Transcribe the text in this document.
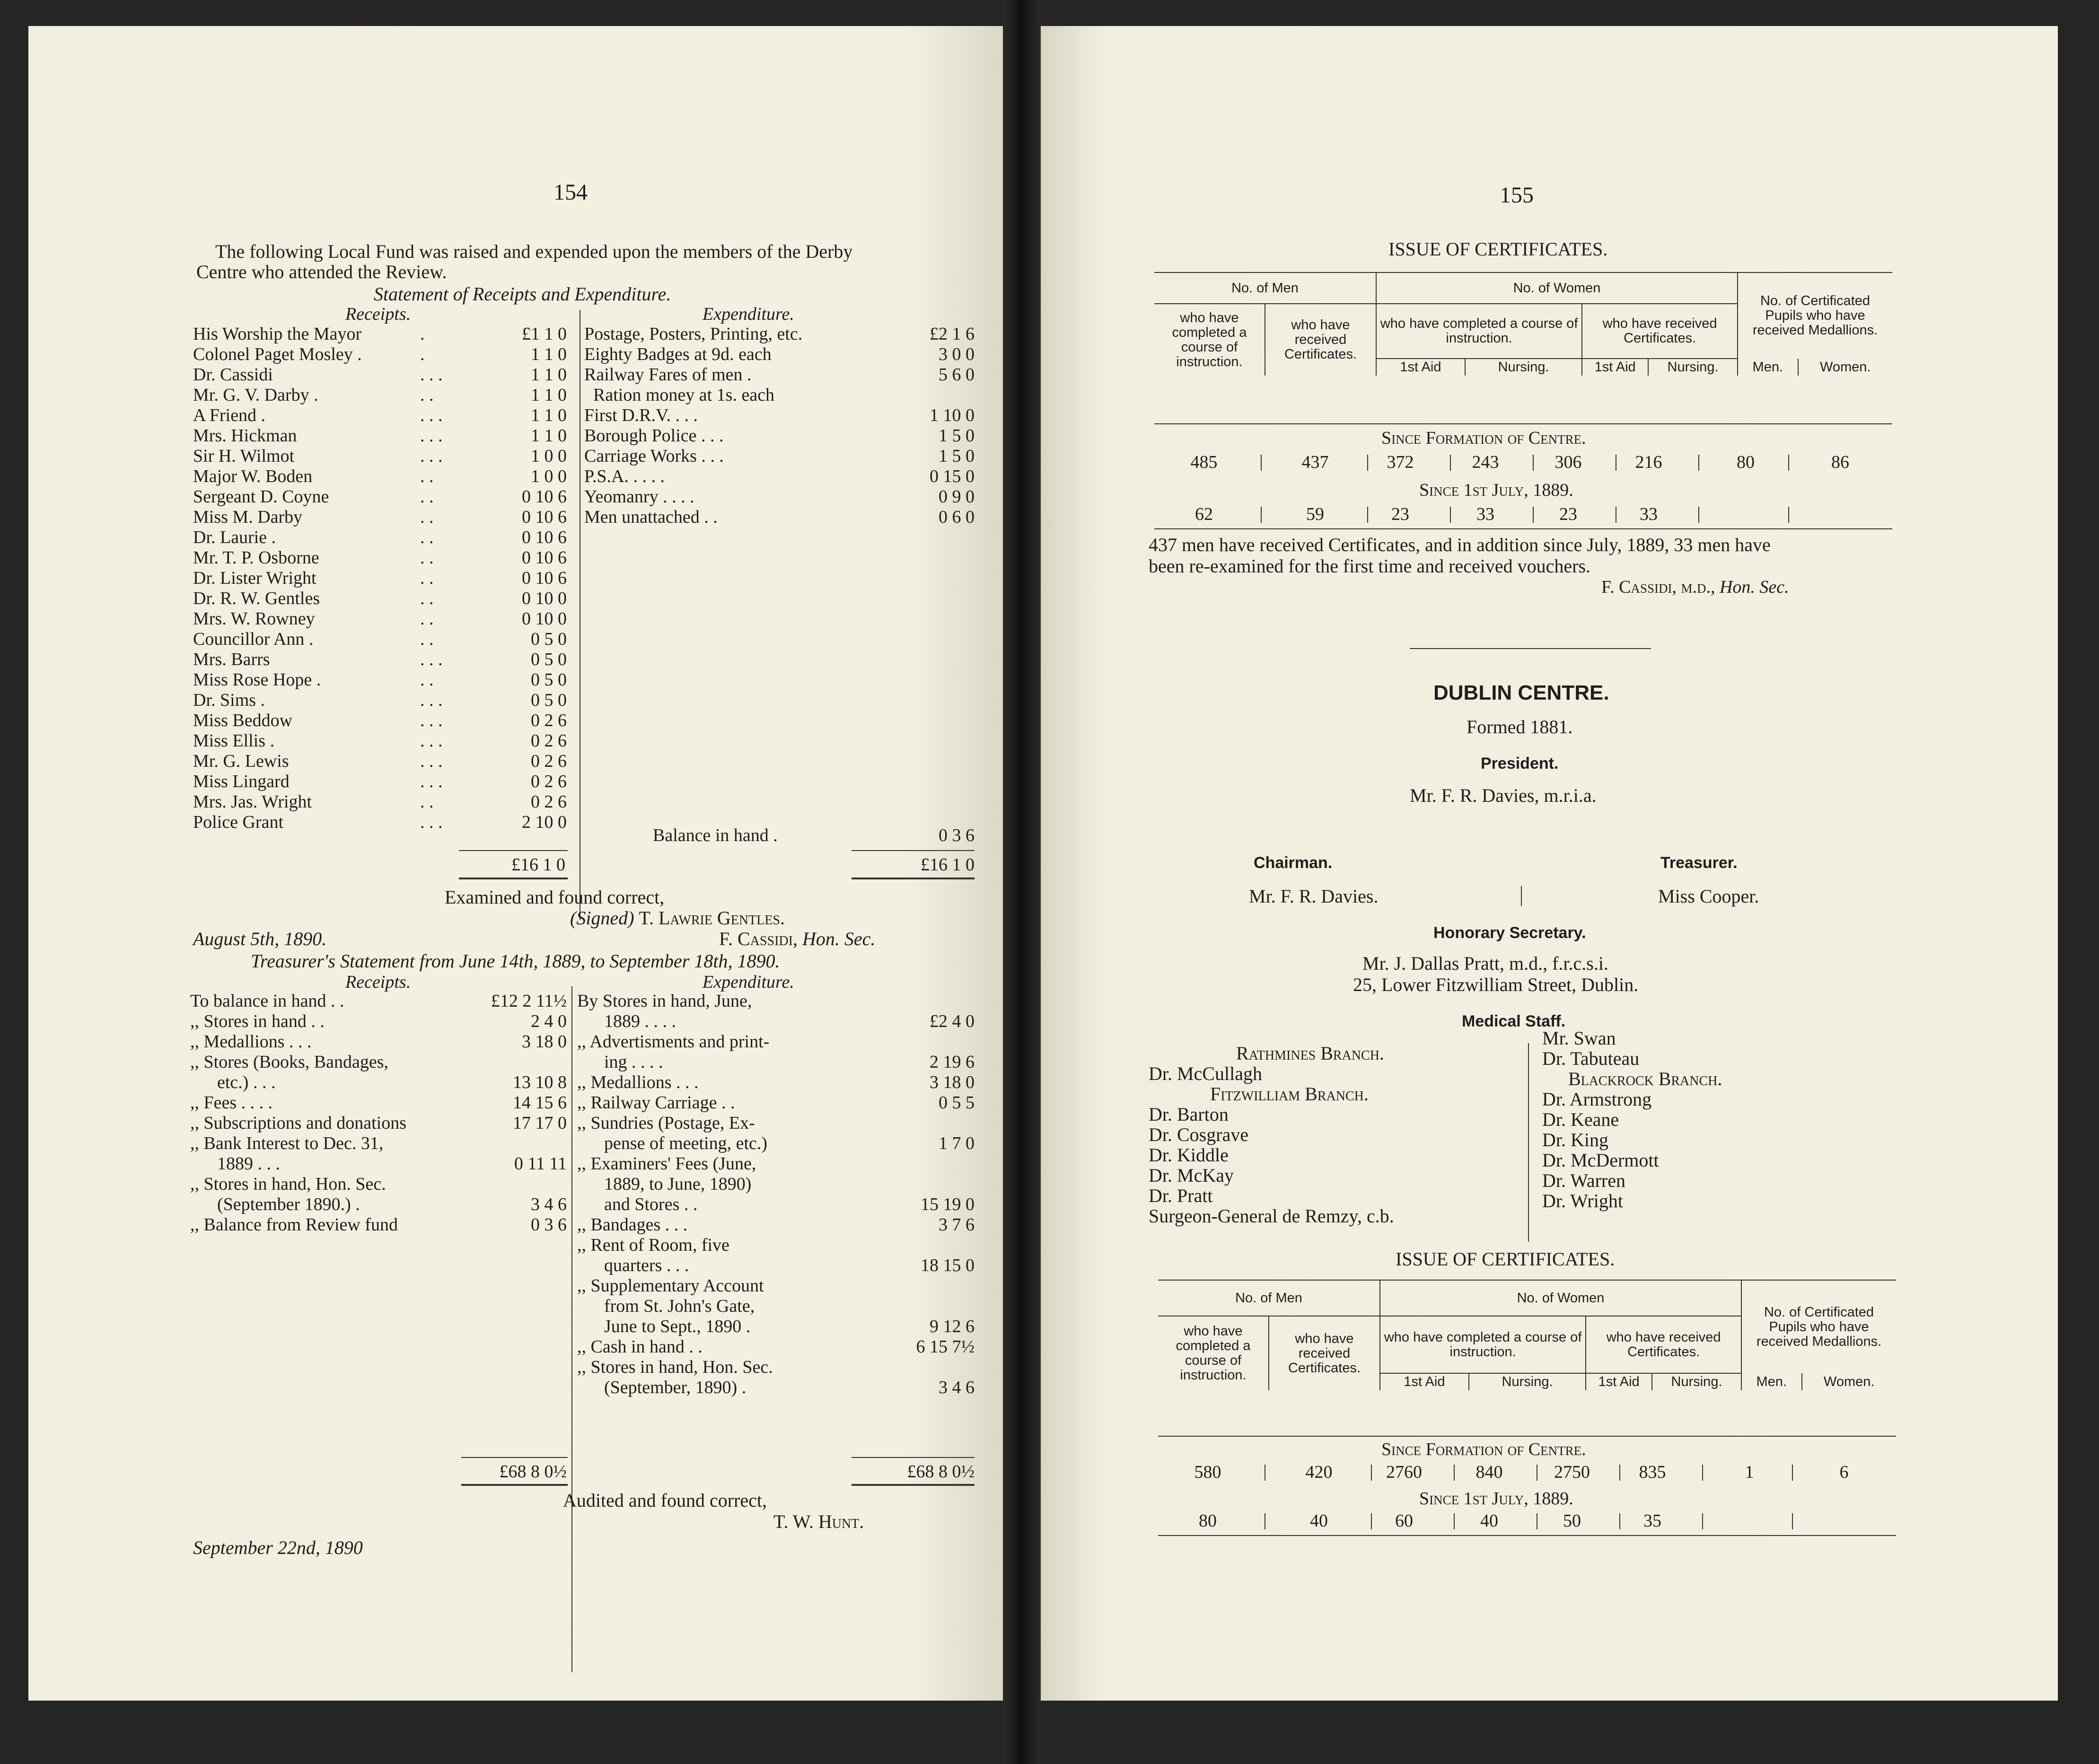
154
The following Local Fund was raised and expended upon the members of the Derby
Centre who attended the Review.
Statement of Receipts and Expenditure.
Receipts.	Expenditure.
His Worship the Mayor	.	£1 1 0
Colonel Paget Mosley .	.	1 1 0
Dr. Cassidi	. . .	1 1 0
Mr. G. V. Darby .	. .	1 1 0
A Friend .	. . .	1 1 0
Mrs. Hickman	. . .	1 1 0
Sir H. Wilmot	. . .	1 0 0
Major W. Boden	. .	1 0 0
Sergeant D. Coyne	. .	0 10 6
Miss M. Darby	. .	0 10 6
Dr. Laurie .	. .	0 10 6
Mr. T. P. Osborne	. .	0 10 6
Dr. Lister Wright	. .	0 10 6
Dr. R. W. Gentles	. .	0 10 0
Mrs. W. Rowney	. .	0 10 0
Councillor Ann .	. .	0 5 0
Mrs. Barrs	. . .	0 5 0
Miss Rose Hope .	. .	0 5 0
Dr. Sims .	. . .	0 5 0
Miss Beddow	. . .	0 2 6
Miss Ellis .	. . .	0 2 6
Mr. G. Lewis	. . .	0 2 6
Miss Lingard	. . .	0 2 6
Mrs. Jas. Wright	. .	0 2 6
Police Grant	. . .	2 10 0
Postage, Posters, Printing, etc.	£2 1 6
Eighty Badges at 9d. each	3 0 0
Railway Fares of men .	5 6 0
Ration money at 1s. each
First D.R.V. . . .	1 10 0
Borough Police . . .	1 5 0
Carriage Works . . .	1 5 0
P.S.A. . . . .	0 15 0
Yeomanry . . . .	0 9 0
Men unattached . .	0 6 0
Balance in hand .	0 3 6
£16 1 0	£16 1 0
Examined and found correct,
(Signed) T. Lawrie Gentles.
August 5th, 1890.	F. Cassidi, Hon. Sec.
Treasurer's Statement from June 14th, 1889, to September 18th, 1890.
Receipts.	Expenditure.
To balance in hand . .	£12 2 11½
,, Stores in hand . .	2 4 0
,, Medallions . . .	3 18 0
,, Stores (Books, Bandages,
etc.) . . .	13 10 8
,, Fees . . . .	14 15 6
,, Subscriptions and donations	17 17 0
,, Bank Interest to Dec. 31,
1889 . . .	0 11 11
,, Stores in hand, Hon. Sec.
(September 1890.) .	3 4 6
,, Balance from Review fund	0 3 6
By Stores in hand, June,
1889 . . . .	£2 4 0
,, Advertisments and print-
ing . . . .	2 19 6
,, Medallions . . .	3 18 0
,, Railway Carriage . .	0 5 5
,, Sundries (Postage, Ex-
pense of meeting, etc.)	1 7 0
,, Examiners' Fees (June,
1889, to June, 1890)
and Stores . .	15 19 0
,, Bandages . . .	3 7 6
,, Rent of Room, five
quarters . . .	18 15 0
,, Supplementary Account
from St. John's Gate,
June to Sept., 1890 .	9 12 6
,, Cash in hand . .	6 15 7½
,, Stores in hand, Hon. Sec.
(September, 1890) .	3 4 6
£68 8 0½	£68 8 0½
Audited and found correct,
T. W. Hunt.
September 22nd, 1890
155
ISSUE OF CERTIFICATES.
No. of Men		No. of Women				No. of Certificated Pupils who have received Medallions.	
who have completed a course of instruction.	who have received Certificates.	who have completed a course of instruction.		who have received Certificates.			
		1st Aid	Nursing.	1st Aid	Nursing.	Men.	Women.
Since Formation of Centre.
485	437	372	243	306	216	80	86
Since 1st July, 1889.
62	59	23	33	23	33
437 men have received Certificates, and in addition since July, 1889, 33 men have
been re-examined for the first time and received vouchers.
F. Cassidi, m.d., Hon. Sec.
DUBLIN CENTRE.
Formed 1881.
President.
Mr. F. R. Davies, m.r.i.a.
Chairman.	Treasurer.
Mr. F. R. Davies.	Miss Cooper.
Honorary Secretary.
Mr. J. Dallas Pratt, m.d., f.r.c.s.i.
25, Lower Fitzwilliam Street, Dublin.
Medical Staff.
Rathmines Branch.
Dr. McCullagh
Fitzwilliam Branch.
Dr. Barton
Dr. Cosgrave
Dr. Kiddle
Dr. McKay
Dr. Pratt
Surgeon-General de Remzy, c.b.
Mr. Swan
Dr. Tabuteau
Blackrock Branch.
Dr. Armstrong
Dr. Keane
Dr. King
Dr. McDermott
Dr. Warren
Dr. Wright
ISSUE OF CERTIFICATES.
No. of Men		No. of Women				No. of Certificated Pupils who have received Medallions.	
who have completed a course of instruction.	who have received Certificates.	who have completed a course of instruction.		who have received Certificates.			
		1st Aid	Nursing.	1st Aid	Nursing.	Men.	Women.
Since Formation of Centre.
580	420	2760	840	2750	835	1	6
Since 1st July, 1889.
80	40	60	40	50	35
